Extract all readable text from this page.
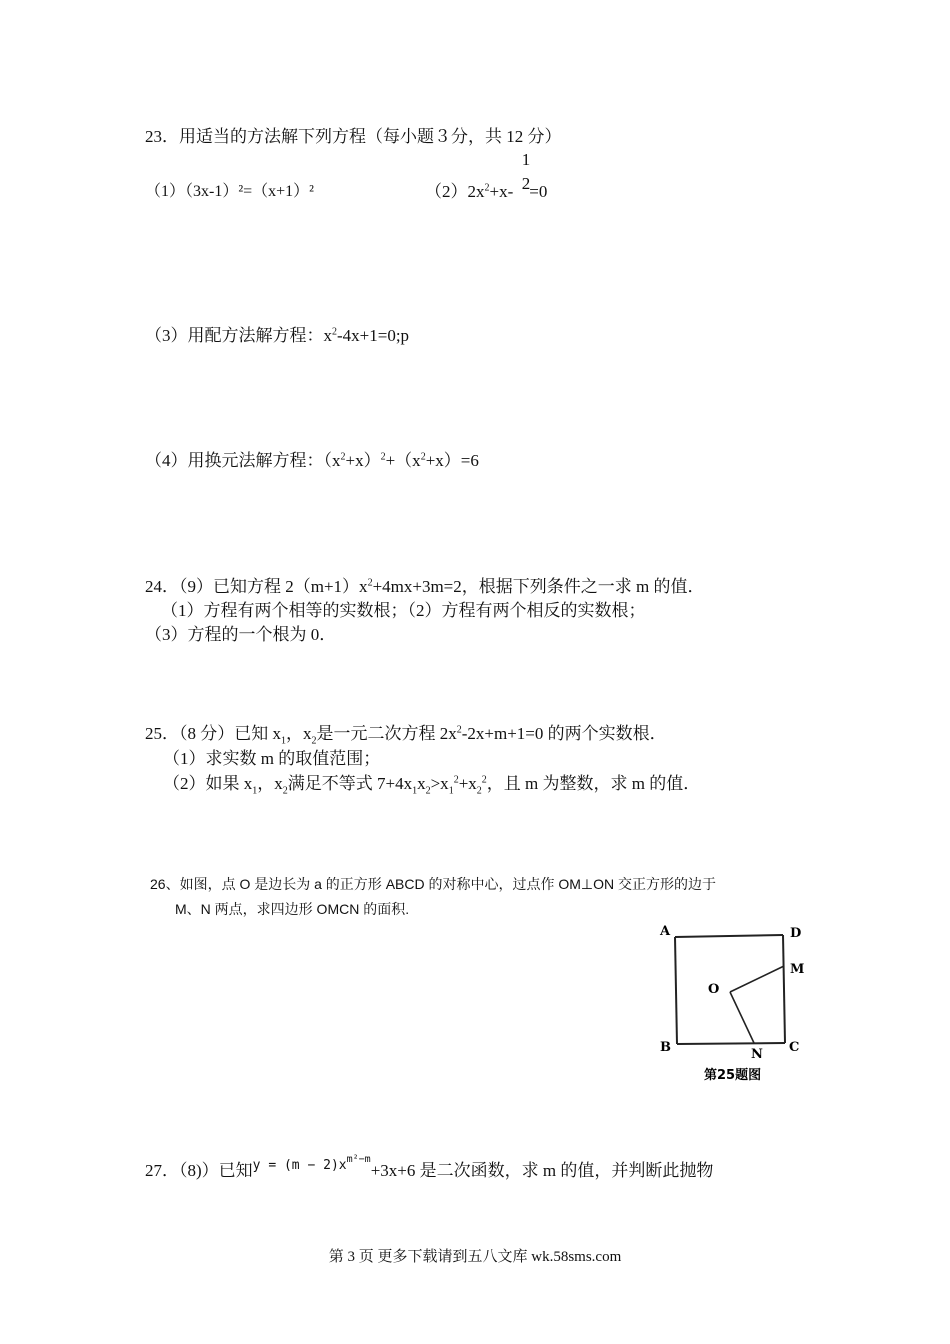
23．用适当的方法解下列方程（每小题３分，共 12 分）
（1）（3x-1）²=（x+1）²	$(2)2x^2+x- =0$
1
2
（3）用配方法解方程：$x^2-4x+1=0;p$
（4）用换元法解方程：$(x^2+x)^2+(x^2+x)=6$
24．（9）已知方程 $2(m+1)x^2+4mx+3m=2$，根据下列条件之一求 m 的值．
（1）方程有两个相等的实数根；（2）方程有两个相反的实数根；
（3）方程的一个根为 0．
25．（8 分）已知 $x_1$，$x_2$是一元二次方程 $2x^2-2x+m+1=0$ 的两个实数根．
（1）求实数 m 的取值范围；
（2）如果 $x_1$，$x_2$满足不等式 $7+4x_1x_2>x_1^2+x_2^2$，且 m 为整数，求 m 的值．
26、如图，点 O 是边长为 a 的正方形 ABCD 的对称中心，过点作 OM⊥ON 交正方形的边于
M、N 两点，求四边形 OMCN 的面积.
A	D
M
O
B	N C
第25题图
27．（8)）已知$^{y = (m - 2)xm^2-m}$+3x+6 是二次函数，求 m 的值，并判断此抛物
第 3 页 更多下载请到五八文库 wk.58sms.com
